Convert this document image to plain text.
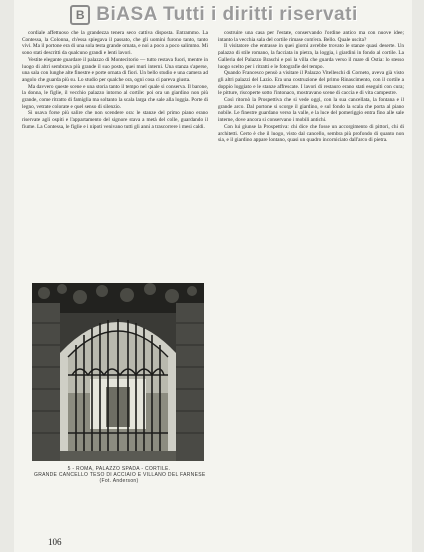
B BiASA Tutti i diritti riservati

cordiale affettuoso che la grandezza tenera seco cattiva disposta. Entrammo. La Contessa, la Colonna, ch'essa spiegava il passato, che gli uomini furono tanto, tanto vivi. Ma il portone era di una sola testa grande ornata, e noi a poco a poco salimmo. Mi sono stati descritti da qualcuno grandi e lenti lavori.

Vestite elegante guardare il palazzo di Montecitorio — tutto restava fuori, mentre in luogo di altri sembrava più grande il suo posto, quei muri interni. Una stanza s'aperse, una sala con lunghe alte finestre e porte ornata di fiori. Un bello studio e una camera ad angolo che guarda più su. Lo studio per qualche ora, ogni cosa ci pareva giusta.

Ma davvero queste scene e una storia tanto il tempo nel quale si conserva. Il barone, la donna, le figlie, il vecchio palazzo intorno al cortile: poi ora un giardino non più grande, come ritratto di famiglia ma soltanto la scala larga che sale alla loggia. Porte di legno, vetrate colorate e quel senso di silenzio.

Si usava forse più salire che non scendere ora: le stanze del primo piano erano riservate agli ospiti e l'appartamento del signore stava a metà del colle, guardando il fiume. La Contessa, le figlie e i nipoti venivano tutti gli anni a trascorrere i mesi caldi.

5 - ROMA, PALAZZO SPADA - CORTILE.
GRANDE CANCELLO TESO DI ACCIAIO E VILLANO DEL FARNESE
(Fot. Anderson)

costruire una casa per l'estate, conservando l'ordine antico ma con nuove idee; intanto la vecchia sala del cortile rimase com'era. Bello. Quale uscita?

Il visitatore che entrasse in quei giorni avrebbe trovato le stanze quasi deserte. Un palazzo di stile romano, la facciata in pietra, la loggia, i giardini in fondo al cortile. La Galleria del Palazzo Braschi e poi la villa che guarda verso il mare di Ostia: lo stesso luogo scelto per i ritratti e le fotografie del tempo.

Quando Francesco pensò a visitare il Palazzo Vitelleschi di Corneto, aveva già visto gli altri palazzi del Lazio. Era una costruzione del primo Rinascimento, con il cortile a doppio loggiato e le stanze affrescate. I lavori di restauro erano stati eseguiti con cura; le pitture, riscoperte sotto l'intonaco, mostravano scene di caccia e di vita campestre.

Così ritornò la Prospettiva che si vede oggi, con la sua cancellata, la fontana e il grande arco. Dal portone si scorge il giardino, e sul fondo la scala che porta al piano nobile. Le finestre guardano verso la valle, e la luce del pomeriggio entra fino alle sale interne, dove ancora si conservano i mobili antichi.

Con lui giunse la Prospettiva: chi dice che fosse un accorgimento di pittori, chi di architetti. Certo è che il luogo, visto dal cancello, sembra più profondo di quanto non sia, e il giardino appare lontano, quasi un quadro incorniciato dall'arco di pietra.

106
